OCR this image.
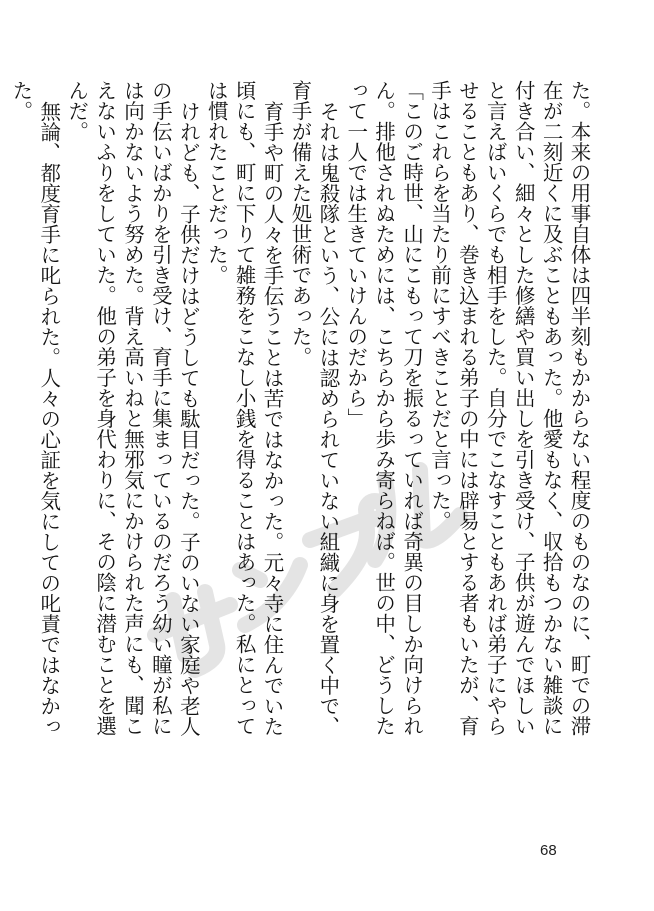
た。本来の用事自体は四半刻もかからない程度のものなのに、町での滞在が二刻近くに及ぶこともあった。他愛もなく、収拾もつかない雑談に付き合い、細々とした修繕や買い出しを引き受け、子供が遊んでほしいと言えばいくらでも相手をした。自分でこなすこともあれば弟子にやらせることもあり、巻き込まれる弟子の中には辟易とする者もいたが、育手はこれらを当たり前にすべきことだと言った。

「このご時世、山にこもって刀を振るっていれば奇異の目しか向けられん。排他されぬためには、こちらから歩み寄らねば。世の中、どうしたって一人では生きていけんのだから」

それは鬼殺隊という、公には認められていない組織に身を置く中で、育手が備えた処世術であった。

育手や町の人々を手伝うことは苦ではなかった。元々寺に住んでいた頃にも、町に下りて雑務をこなし小銭を得ることはあった。私にとっては慣れたことだった。

けれども、子供だけはどうしても駄目だった。子のいない家庭や老人の手伝いばかりを引き受け、育手に集まっているのだろう幼い瞳が私には向かないよう努めた。背え高いねと無邪気にかけられた声にも、聞こえないふりをしていた。他の弟子を身代わりに、その陰に潜むことを選んだ。

無論、都度育手に叱られた。人々の心証を気にしての叱責ではなかった。

68
